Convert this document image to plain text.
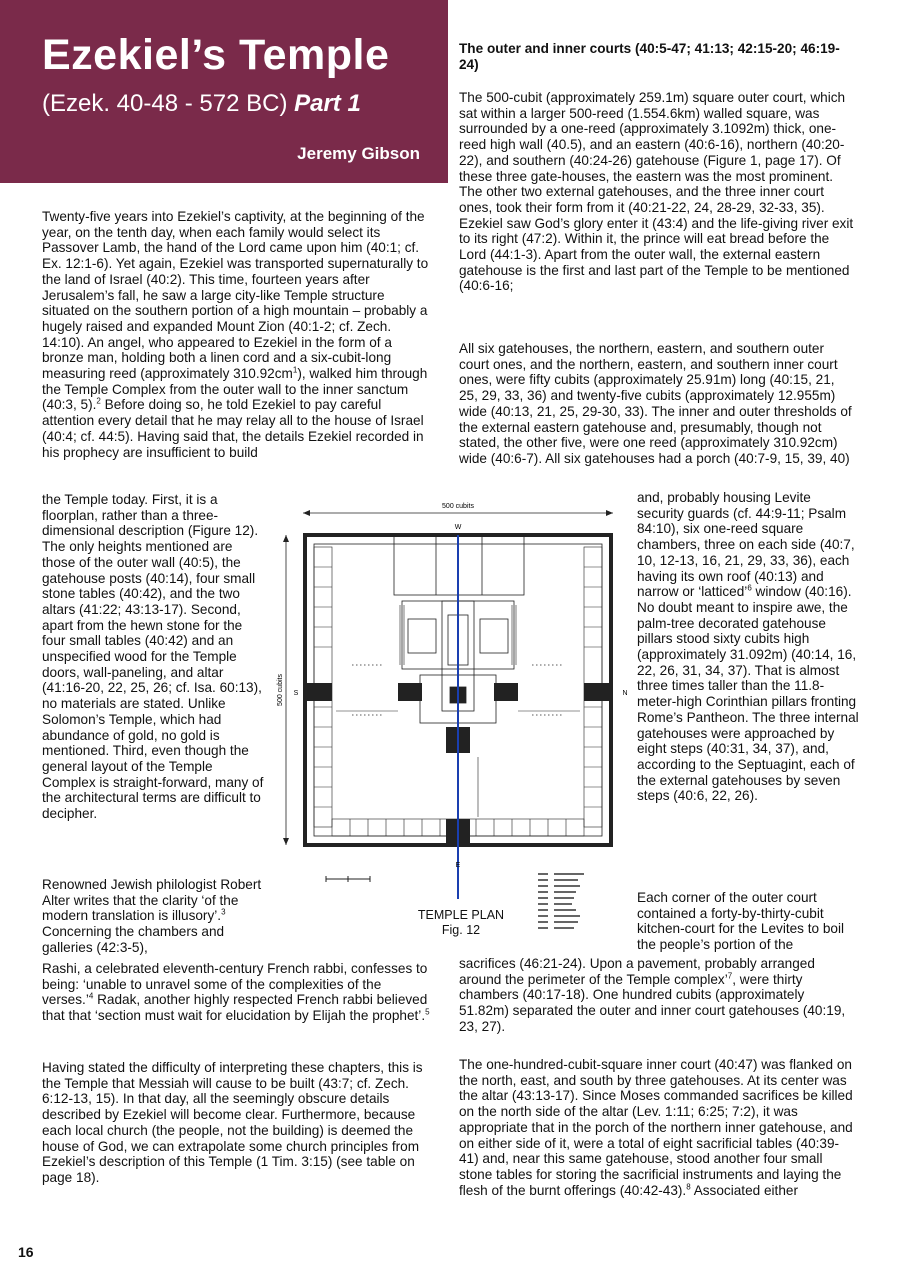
Ezekiel’s Temple
(Ezek. 40-48 - 572 BC) Part 1
Jeremy Gibson

Twenty-five years into Ezekiel’s captivity, at the beginning of the year, on the tenth day, when each family would select its Passover Lamb, the hand of the Lord came upon him (40:1; cf. Ex. 12:1-6). Yet again, Ezekiel was transported supernaturally to the land of Israel (40:2). This time, fourteen years after Jerusalem’s fall, he saw a large city-like Temple structure situated on the southern portion of a high mountain – probably a hugely raised and expanded Mount Zion (40:1-2; cf. Zech. 14:10). An angel, who appeared to Ezekiel in the form of a bronze man, holding both a linen cord and a six-cubit-long measuring reed (approximately $310.92cm^1$), walked him through the Temple Complex from the outer wall to the inner sanctum (40:3, 5).$^2$ Before doing so, he told Ezekiel to pay careful attention every detail that he may relay all to the house of Israel (40:4; cf. 44:5). Having said that, the details Ezekiel recorded in his prophecy are insufficient to build

the Temple today. First, it is a floorplan, rather than a three-dimensional description (Figure 12). The only heights mentioned are those of the outer wall (40:5), the gatehouse posts (40:14), four small stone tables (40:42), and the two altars (41:22; 43:13-17). Second, apart from the hewn stone for the four small tables (40:42) and an unspecified wood for the Temple doors, wall-paneling, and altar (41:16-20, 22, 25, 26; cf. Isa. 60:13), no materials are stated. Unlike Solomon’s Temple, which had abundance of gold, no gold is mentioned. Third, even though the general layout of the Temple Complex is straight-forward, many of the architectural terms are difficult to decipher.

Renowned Jewish philologist Robert Alter writes that the clarity ‘of the modern translation is illusory’.$^3$ Concerning the chambers and galleries (42:3-5),

Rashi, a celebrated eleventh-century French rabbi, confesses to being: ‘unable to unravel some of the complexities of the verses.’$^4$ Radak, another highly respected French rabbi believed that that ‘section must wait for elucidation by Elijah the prophet’.$^5$

Having stated the difficulty of interpreting these chapters, this is the Temple that Messiah will cause to be built (43:7; cf. Zech. 6:12-13, 15). In that day, all the seemingly obscure details described by Ezekiel will become clear. Furthermore, because each local church (the people, not the building) is deemed the house of God, we can extrapolate some church principles from Ezekiel’s description of this Temple (1 Tim. 3:15) (see table on page 18).

The outer and inner courts (40:5-47; 41:13; 42:15-20; 46:19-24)

The 500-cubit (approximately 259.1m) square outer court, which sat within a larger 500-reed (1.554.6km) walled square, was surrounded by a one-reed (approximately 3.1092m) thick, one-reed high wall (40.5), and an eastern (40:6-16), northern (40:20-22), and southern (40:24-26) gatehouse (Figure 1, page 17). Of these three gate-houses, the eastern was the most prominent. The other two external gatehouses, and the three inner court ones, took their form from it (40:21-22, 24, 28-29, 32-33, 35). Ezekiel saw God’s glory enter it (43:4) and the life-giving river exit to its right (47:2). Within it, the prince will eat bread before the Lord (44:1-3). Apart from the outer wall, the external eastern gatehouse is the first and last part of the Temple to be mentioned (40:6-16;

All six gatehouses, the northern, eastern, and southern outer court ones, and the northern, eastern, and southern inner court ones, were fifty cubits (approximately 25.91m) long (40:15, 21, 25, 29, 33, 36) and twenty-five cubits (approximately 12.955m) wide (40:13, 21, 25, 29-30, 33). The inner and outer thresholds of the external eastern gatehouse and, presumably, though not stated, the other five, were one reed (approximately 310.92cm) wide (40:6-7). All six gatehouses had a porch (40:7-9, 15, 39, 40)

and, probably housing Levite security guards (cf. 44:9-11; Psalm 84:10), six one-reed square chambers, three on each side (40:7, 10, 12-13, 16, 21, 29, 33, 36), each having its own roof (40:13) and narrow or ‘latticed’$^6$ window (40:16). No doubt meant to inspire awe, the palm-tree decorated gatehouse pillars stood sixty cubits high (approximately 31.092m) (40:14, 16, 22, 26, 31, 34, 37). That is almost three times taller than the 11.8-meter-high Corinthian pillars fronting Rome’s Pantheon. The three internal gatehouses were approached by eight steps (40:31, 34, 37), and, according to the Septuagint, each of the external gatehouses by seven steps (40:6, 22, 26).

Each corner of the outer court contained a forty-by-thirty-cubit kitchen-court for the Levites to boil the people’s portion of the

sacrifices (46:21-24). Upon a pavement, probably arranged around the perimeter of the Temple complex’$^7$, were thirty chambers (40:17-18). One hundred cubits (approximately 51.82m) separated the outer and inner court gatehouses (40:19, 23, 27).

The one-hundred-cubit-square inner court (40:47) was flanked on the north, east, and south by three gatehouses. At its center was the altar (43:13-17). Since Moses commanded sacrifices be killed on the north side of the altar (Lev. 1:11; 6:25; 7:2), it was appropriate that in the porch of the northern inner gatehouse, and on either side of it, were a total of eight sacrificial tables (40:39-41) and, near this same gatehouse, stood another four small stone tables for storing the sacrificial instruments and laying the flesh of the burnt offerings (40:42-43).$^8$ Associated either

500 cubits
500 cubits
W
E
S	N
TEMPLE PLAN
Fig. 12
16
